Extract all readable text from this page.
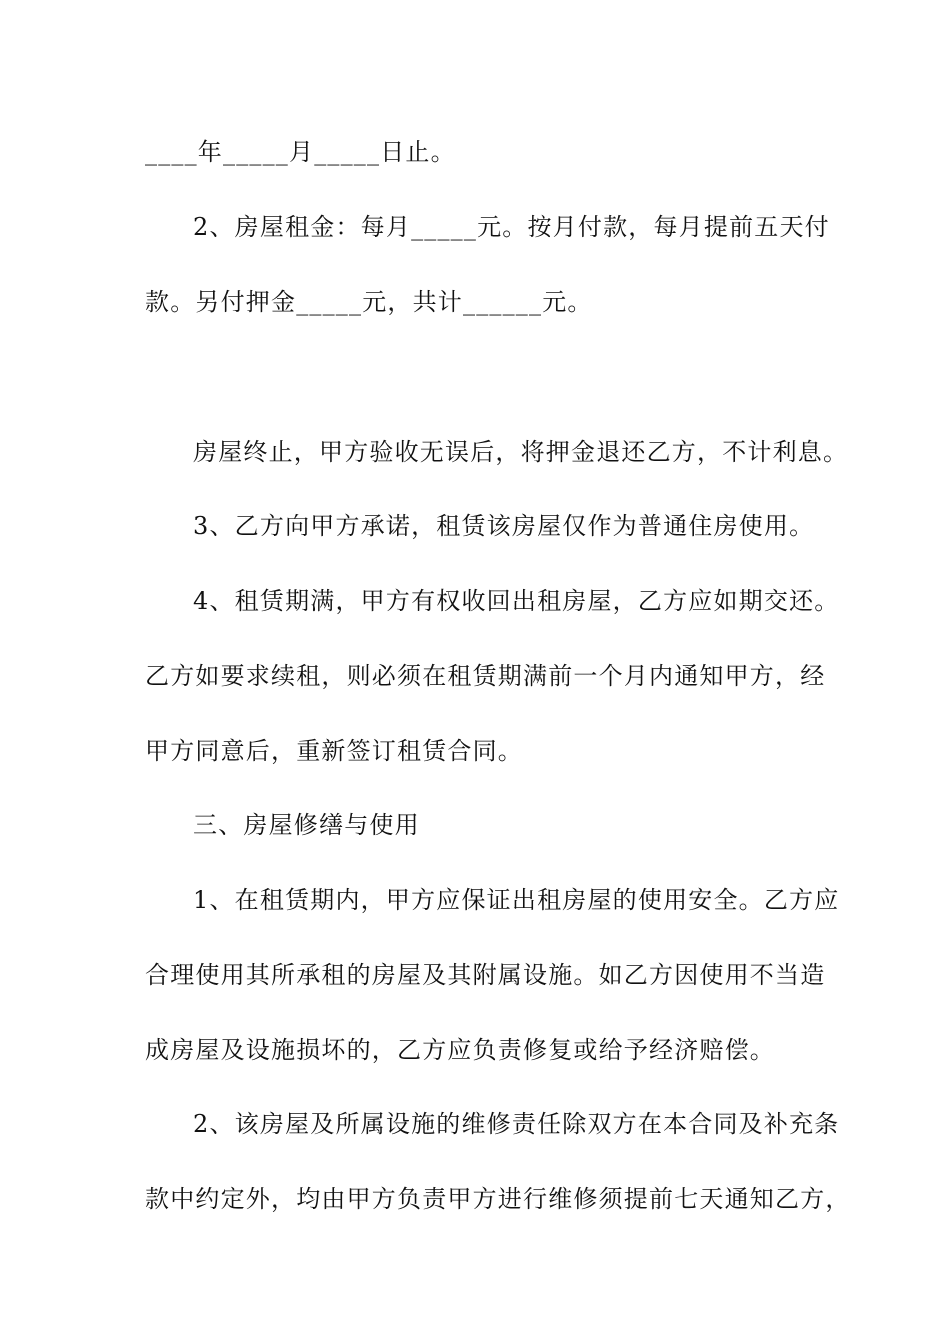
____年_____月_____日止。
2、房屋租金：每月_____元。按月付款，每月提前五天付
款。另付押金_____元，共计______元。
房屋终止，甲方验收无误后，将押金退还乙方，不计利息。
3、乙方向甲方承诺，租赁该房屋仅作为普通住房使用。
4、租赁期满，甲方有权收回出租房屋，乙方应如期交还。
乙方如要求续租，则必须在租赁期满前一个月内通知甲方，经
甲方同意后，重新签订租赁合同。
三、房屋修缮与使用
1、在租赁期内，甲方应保证出租房屋的使用安全。乙方应
合理使用其所承租的房屋及其附属设施。如乙方因使用不当造
成房屋及设施损坏的，乙方应负责修复或给予经济赔偿。
2、该房屋及所属设施的维修责任除双方在本合同及补充条
款中约定外，均由甲方负责甲方进行维修须提前七天通知乙方，
